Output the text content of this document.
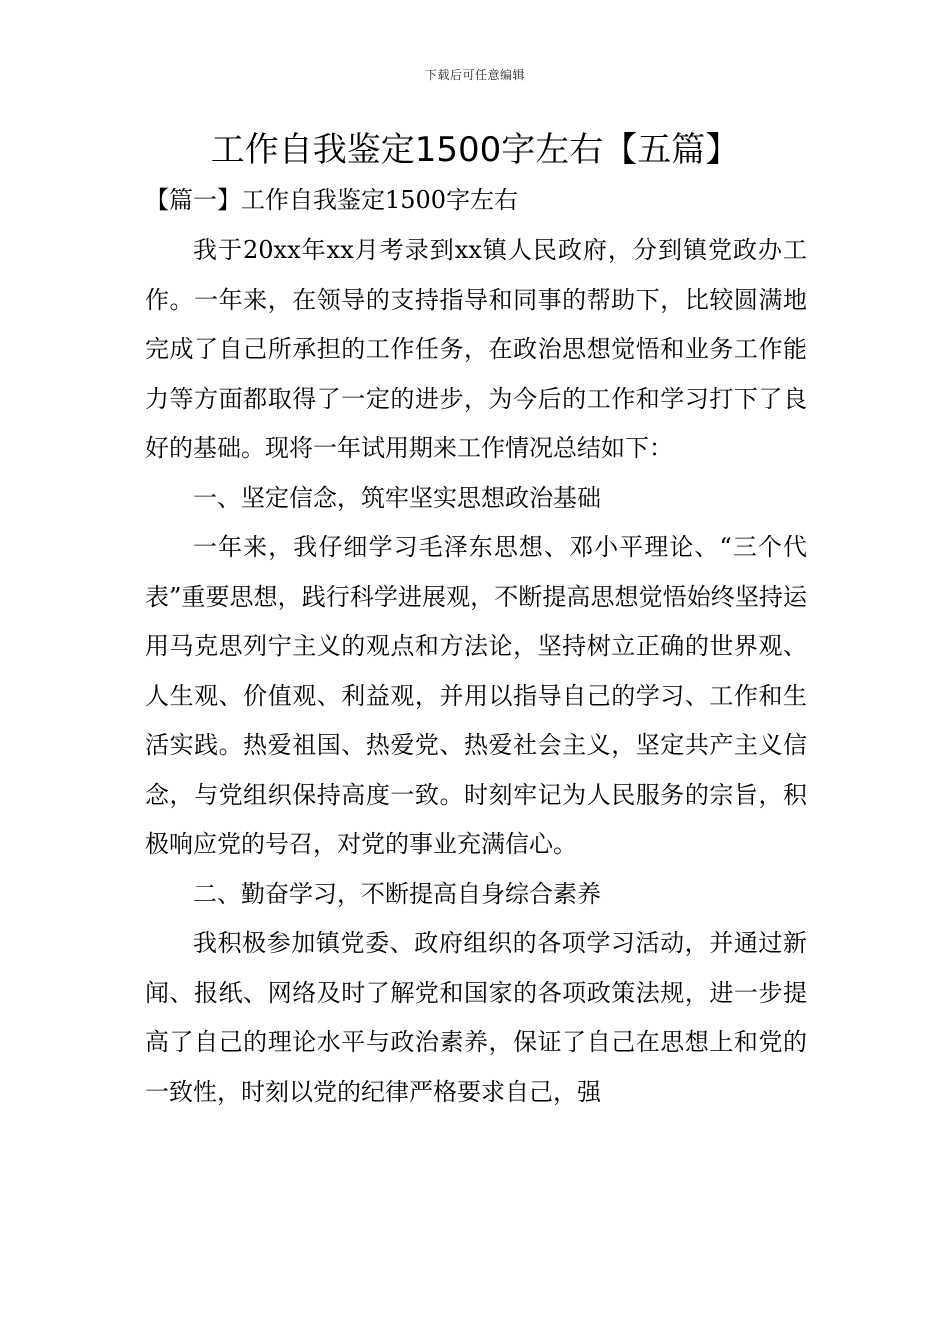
下载后可任意编辑
工作自我鉴定1500字左右【五篇】
【篇一】工作自我鉴定1500字左右

我于20xx年xx月考录到xx镇人民政府，分到镇党政办工作。一年来，在领导的支持指导和同事的帮助下，比较圆满地完成了自己所承担的工作任务，在政治思想觉悟和业务工作能力等方面都取得了一定的进步，为今后的工作和学习打下了良好的基础。现将一年试用期来工作情况总结如下：

一、坚定信念，筑牢坚实思想政治基础

一年来，我仔细学习毛泽东思想、邓小平理论、“三个代表”重要思想，践行科学进展观，不断提高思想觉悟始终坚持运用马克思列宁主义的观点和方法论，坚持树立正确的世界观、人生观、价值观、利益观，并用以指导自己的学习、工作和生活实践。热爱祖国、热爱党、热爱社会主义，坚定共产主义信念，与党组织保持高度一致。时刻牢记为人民服务的宗旨，积极响应党的号召，对党的事业充满信心。

二、勤奋学习，不断提高自身综合素养

我积极参加镇党委、政府组织的各项学习活动，并通过新闻、报纸、网络及时了解党和国家的各项政策法规，进一步提高了自己的理论水平与政治素养，保证了自己在思想上和党的一致性，时刻以党的纪律严格要求自己，强
